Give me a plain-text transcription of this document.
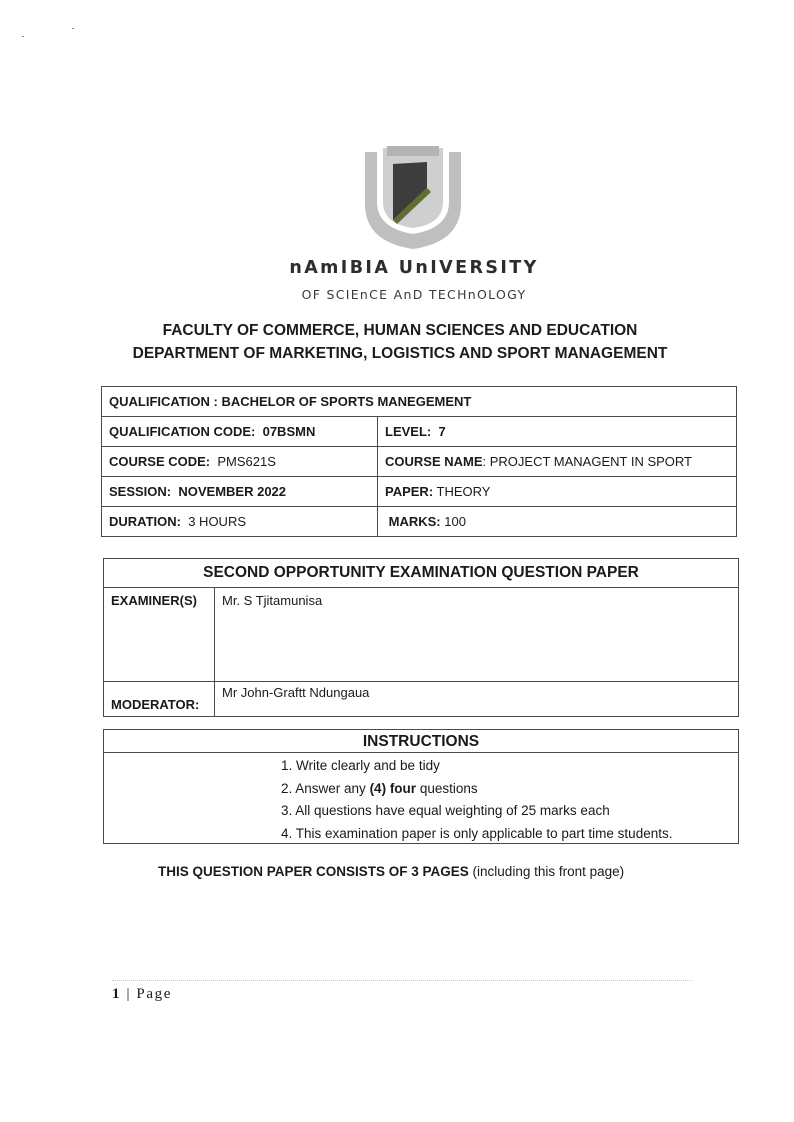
nAmIBIA UnIVERSITY
OF SCIEnCE AnD TECHnOLOGY
FACULTY OF COMMERCE, HUMAN SCIENCES AND EDUCATION
DEPARTMENT OF MARKETING, LOGISTICS AND SPORT MANAGEMENT
QUALIFICATION : BACHELOR OF SPORTS MANEGEMENT	
QUALIFICATION CODE: 07BSMN	LEVEL: 7
COURSE CODE: PMS621S	COURSE NAME: PROJECT MANAGENT IN SPORT
SESSION: NOVEMBER 2022	PAPER: THEORY
DURATION: 3 HOURS	MARKS: 100
SECOND OPPORTUNITY EXAMINATION QUESTION PAPER	
EXAMINER(S)	Mr. S Tjitamunisa
MODERATOR:	Mr John-Graftt Ndungaua
INSTRUCTIONS
1. Write clearly and be tidy
2. Answer any (4) four questions
3. All questions have equal weighting of 25 marks each
4. This examination paper is only applicable to part time students.
THIS QUESTION PAPER CONSISTS OF 3 PAGES (including this front page)
1 | Page
